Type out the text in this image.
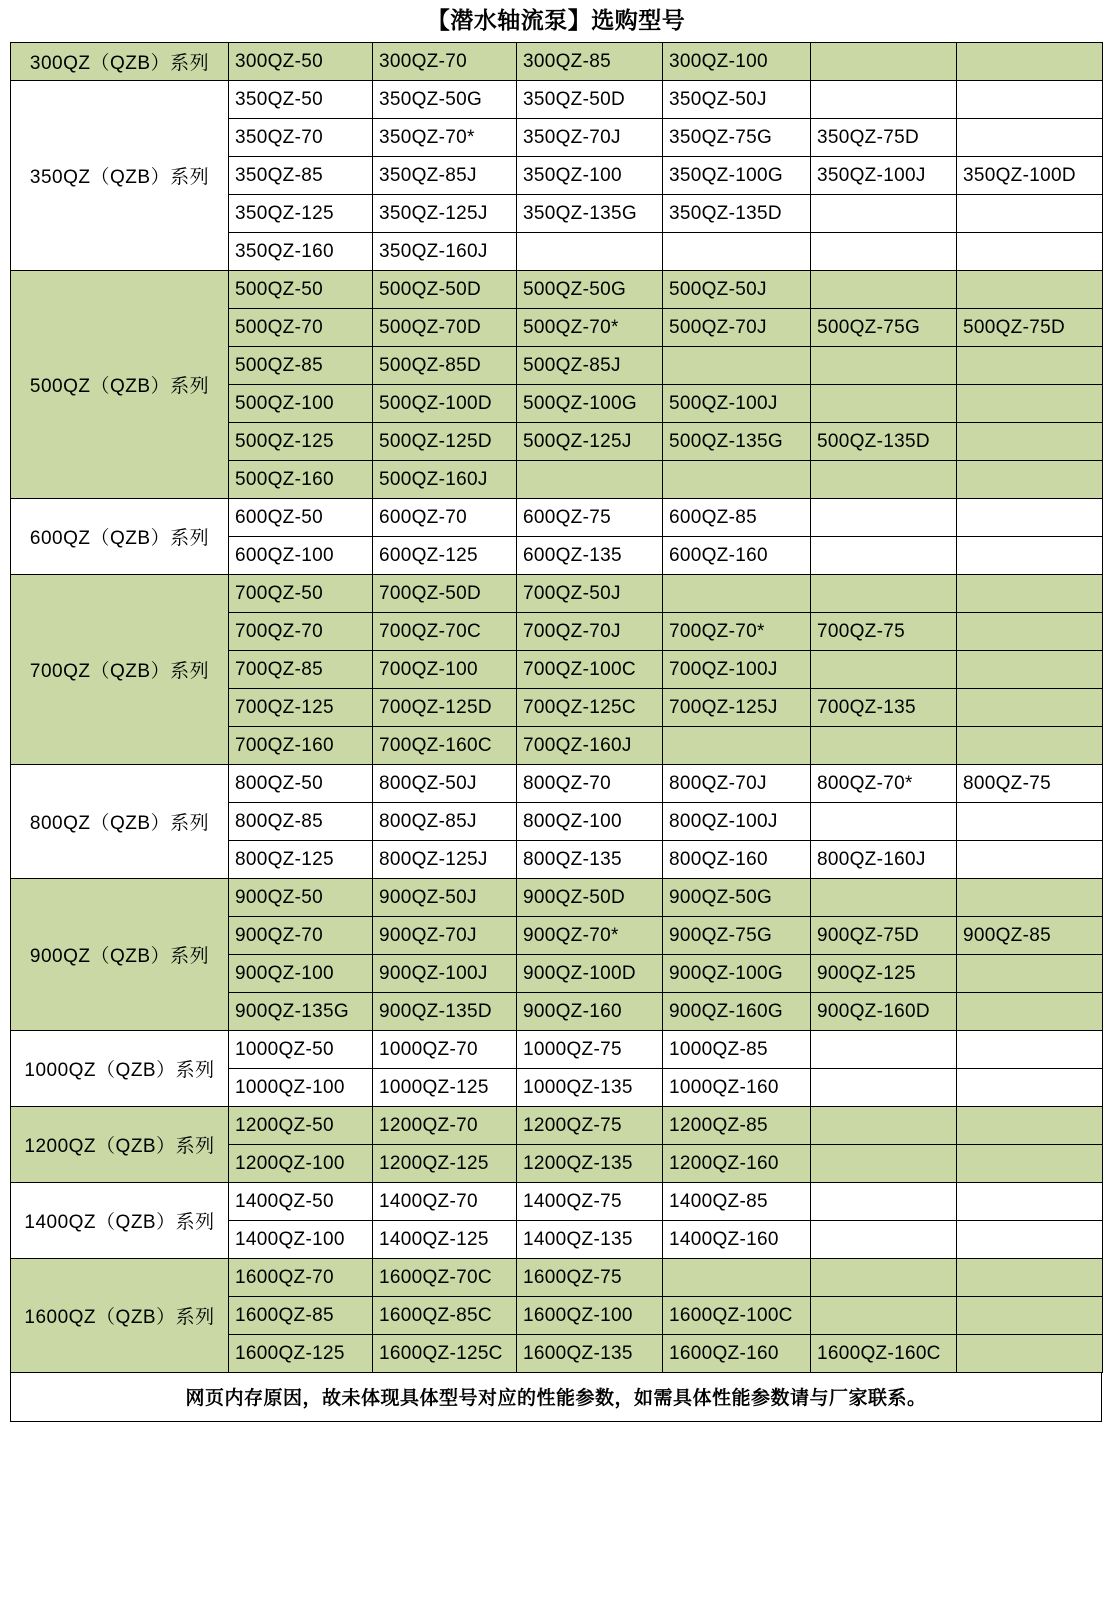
【潜水轴流泵】选购型号
300QZ（QZB）系列	300QZ-50	300QZ-70	300QZ-85	300QZ-100		
350QZ（QZB）系列	350QZ-50	350QZ-50G	350QZ-50D	350QZ-50J		
	350QZ-70	350QZ-70*	350QZ-70J	350QZ-75G	350QZ-75D	
	350QZ-85	350QZ-85J	350QZ-100	350QZ-100G	350QZ-100J	350QZ-100D
	350QZ-125	350QZ-125J	350QZ-135G	350QZ-135D		
	350QZ-160	350QZ-160J				
500QZ（QZB）系列	500QZ-50	500QZ-50D	500QZ-50G	500QZ-50J		
	500QZ-70	500QZ-70D	500QZ-70*	500QZ-70J	500QZ-75G	500QZ-75D
	500QZ-85	500QZ-85D	500QZ-85J			
	500QZ-100	500QZ-100D	500QZ-100G	500QZ-100J		
	500QZ-125	500QZ-125D	500QZ-125J	500QZ-135G	500QZ-135D	
	500QZ-160	500QZ-160J				
600QZ（QZB）系列	600QZ-50	600QZ-70	600QZ-75	600QZ-85		
	600QZ-100	600QZ-125	600QZ-135	600QZ-160		
700QZ（QZB）系列	700QZ-50	700QZ-50D	700QZ-50J			
	700QZ-70	700QZ-70C	700QZ-70J	700QZ-70*	700QZ-75	
	700QZ-85	700QZ-100	700QZ-100C	700QZ-100J		
	700QZ-125	700QZ-125D	700QZ-125C	700QZ-125J	700QZ-135	
	700QZ-160	700QZ-160C	700QZ-160J			
800QZ（QZB）系列	800QZ-50	800QZ-50J	800QZ-70	800QZ-70J	800QZ-70*	800QZ-75
	800QZ-85	800QZ-85J	800QZ-100	800QZ-100J		
	800QZ-125	800QZ-125J	800QZ-135	800QZ-160	800QZ-160J	
900QZ（QZB）系列	900QZ-50	900QZ-50J	900QZ-50D	900QZ-50G		
	900QZ-70	900QZ-70J	900QZ-70*	900QZ-75G	900QZ-75D	900QZ-85
	900QZ-100	900QZ-100J	900QZ-100D	900QZ-100G	900QZ-125	
	900QZ-135G	900QZ-135D	900QZ-160	900QZ-160G	900QZ-160D	
1000QZ（QZB）系列	1000QZ-50	1000QZ-70	1000QZ-75	1000QZ-85		
	1000QZ-100	1000QZ-125	1000QZ-135	1000QZ-160		
1200QZ（QZB）系列	1200QZ-50	1200QZ-70	1200QZ-75	1200QZ-85		
	1200QZ-100	1200QZ-125	1200QZ-135	1200QZ-160		
1400QZ（QZB）系列	1400QZ-50	1400QZ-70	1400QZ-75	1400QZ-85		
	1400QZ-100	1400QZ-125	1400QZ-135	1400QZ-160		
1600QZ（QZB）系列	1600QZ-70	1600QZ-70C	1600QZ-75			
	1600QZ-85	1600QZ-85C	1600QZ-100	1600QZ-100C		
	1600QZ-125	1600QZ-125C	1600QZ-135	1600QZ-160	1600QZ-160C	
网页内存原因，故未体现具体型号对应的性能参数，如需具体性能参数请与厂家联系。
